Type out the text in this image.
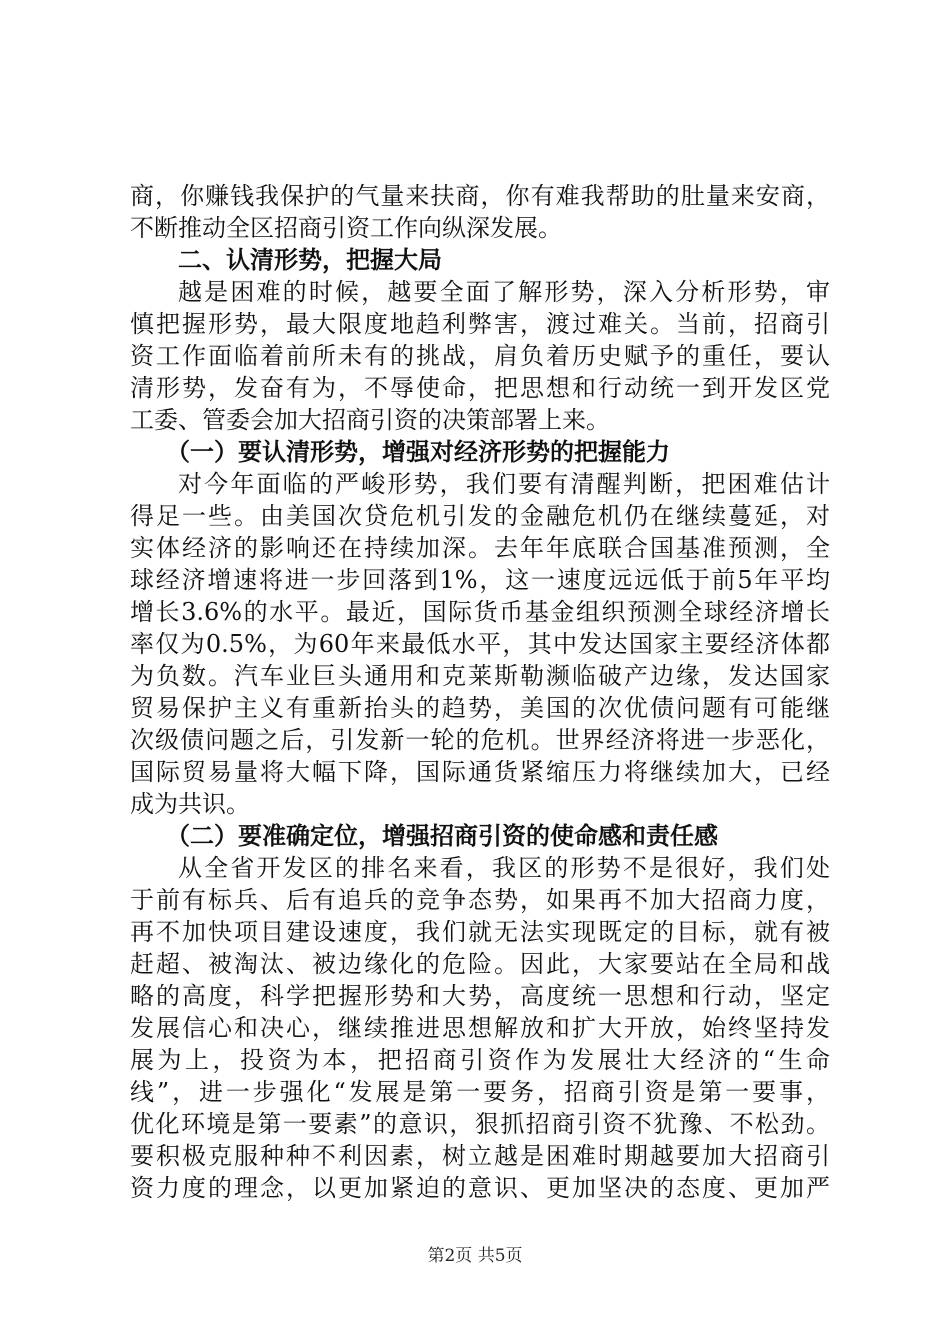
商，你赚钱我保护的气量来扶商，你有难我帮助的肚量来安商，
不断推动全区招商引资工作向纵深发展。
二、认清形势，把握大局
越是困难的时候，越要全面了解形势，深入分析形势，审
慎把握形势，最大限度地趋利弊害，渡过难关。当前，招商引
资工作面临着前所未有的挑战，肩负着历史赋予的重任，要认
清形势，发奋有为，不辱使命，把思想和行动统一到开发区党
工委、管委会加大招商引资的决策部署上来。
（一）要认清形势，增强对经济形势的把握能力
对今年面临的严峻形势，我们要有清醒判断，把困难估计
得足一些。由美国次贷危机引发的金融危机仍在继续蔓延，对
实体经济的影响还在持续加深。去年年底联合国基准预测，全
球经济增速将进一步回落到1%，这一速度远远低于前5年平均
增长3.6%的水平。最近，国际货币基金组织预测全球经济增长
率仅为0.5%，为60年来最低水平，其中发达国家主要经济体都
为负数。汽车业巨头通用和克莱斯勒濒临破产边缘，发达国家
贸易保护主义有重新抬头的趋势，美国的次优债问题有可能继
次级债问题之后，引发新一轮的危机。世界经济将进一步恶化，
国际贸易量将大幅下降，国际通货紧缩压力将继续加大，已经
成为共识。
（二）要准确定位，增强招商引资的使命感和责任感
从全省开发区的排名来看，我区的形势不是很好，我们处
于前有标兵、后有追兵的竞争态势，如果再不加大招商力度，
再不加快项目建设速度，我们就无法实现既定的目标，就有被
赶超、被淘汰、被边缘化的危险。因此，大家要站在全局和战
略的高度，科学把握形势和大势，高度统一思想和行动，坚定
发展信心和决心，继续推进思想解放和扩大开放，始终坚持发
展为上，投资为本，把招商引资作为发展壮大经济的“生命
线”，进一步强化“发展是第一要务，招商引资是第一要事，
优化环境是第一要素”的意识，狠抓招商引资不犹豫、不松劲。
要积极克服种种不利因素，树立越是困难时期越要加大招商引
资力度的理念，以更加紧迫的意识、更加坚决的态度、更加严
第2页 共5页
